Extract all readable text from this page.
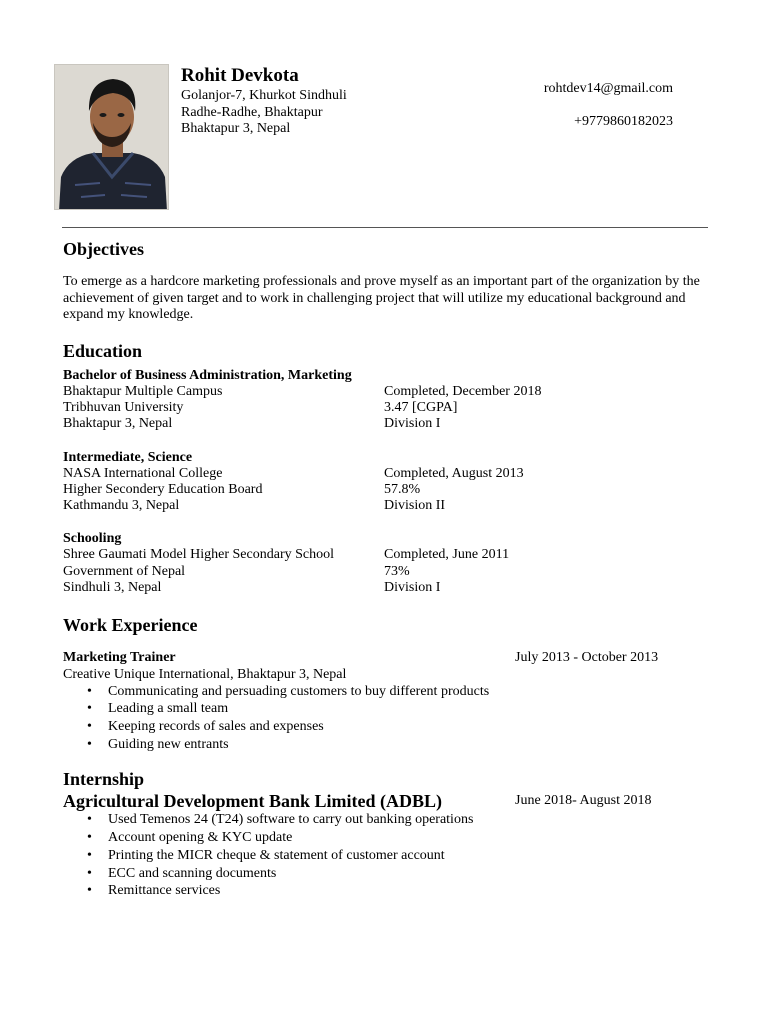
Rohit Devkota
Golanjor-7, Khurkot Sindhuli
Radhe-Radhe, Bhaktapur
Bhaktapur 3, Nepal
rohtdev14@gmail.com
+9779860182023
Objectives
To emerge as a hardcore marketing professionals and prove myself as an important part of the organization by the achievement of given target and to work in challenging project that will utilize my educational background and expand my knowledge.
Education
Bachelor of Business Administration, Marketing
Bhaktapur Multiple Campus
Tribhuvan University
Bhaktapur 3, Nepal
Completed, December 2018
3.47 [CGPA]
Division I
Intermediate, Science
NASA International College
Higher Secondery Education Board
Kathmandu 3, Nepal
Completed, August 2013
57.8%
Division II
Schooling
Shree Gaumati Model Higher Secondary School
Government of Nepal
Sindhuli 3, Nepal
Completed, June 2011
73%
Division I
Work Experience
Marketing Trainer	July 2013 - October 2013
Creative Unique International, Bhaktapur 3, Nepal
• Communicating and persuading customers to buy different products
• Leading a small team
• Keeping records of sales and expenses
• Guiding new entrants
Internship
Agricultural Development Bank Limited (ADBL)	June 2018- August 2018
• Used Temenos 24 (T24) software to carry out banking operations
• Account opening & KYC update
• Printing the MICR cheque & statement of customer account
• ECC and scanning documents
• Remittance services
